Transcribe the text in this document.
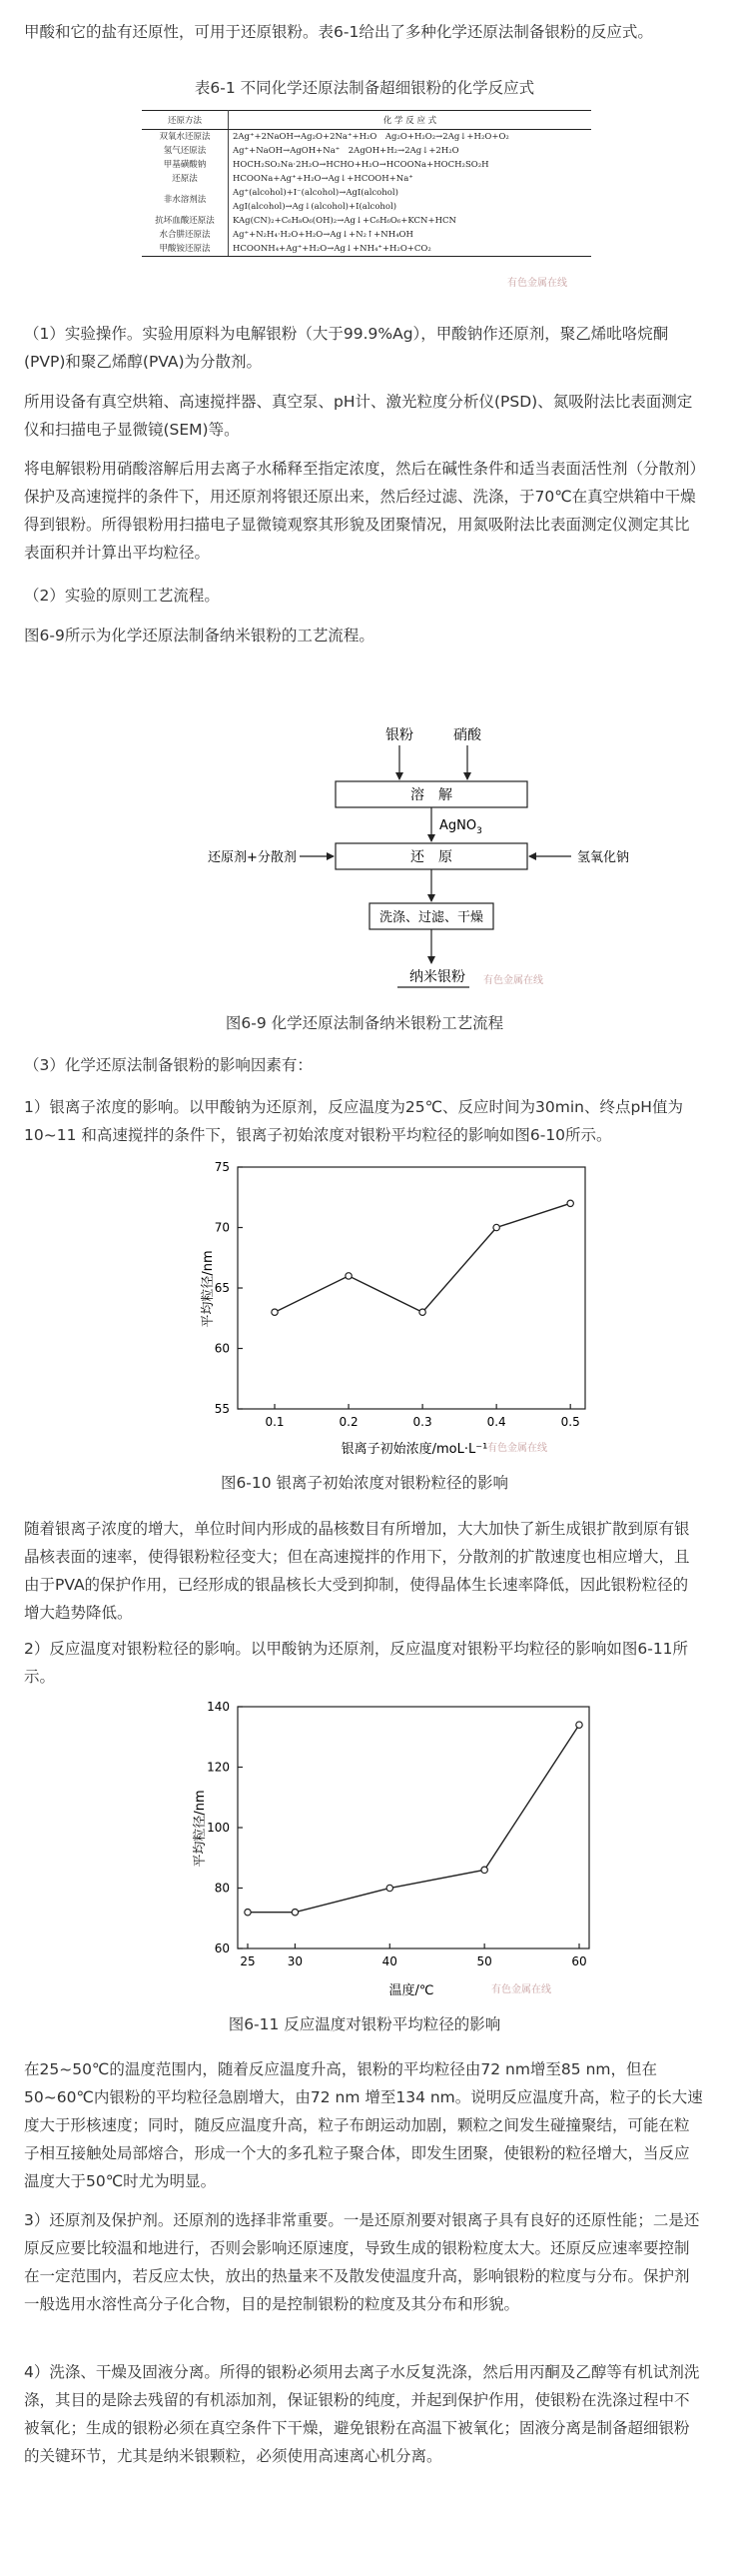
甲酸和它的盐有还原性，可用于还原银粉。表6-1给出了多种化学还原法制备银粉的反应式。

表6-1 不同化学还原法制备超细银粉的化学反应式
还原方法	化 学 反 应 式
双氧水还原法	2Ag⁺+2NaOH→Ag₂O+2Na⁺+H₂O　Ag₂O+H₂O₂→2Ag↓+H₂O+O₂
氢气还原法	Ag⁺+NaOH→AgOH+Na⁺　2AgOH+H₂→2Ag↓+2H₂O
甲基磺酸钠	HOCH₂SO₂Na·2H₂O→HCHO+H₂O→HCOONa+HOCH₂SO₂H
还原法	HCOONa+Ag⁺+H₂O→Ag↓+HCOOH+Na⁺
非水溶剂法	Ag⁺(alcohol)+I⁻(alcohol)→AgI(alcohol)
	AgI(alcohol)→Ag↓(alcohol)+I(alcohol)
抗坏血酸还原法	KAg(CN)₂+C₆H₈O₆(OH)₂→Ag↓+C₆H₆O₆+KCN+HCN
水合肼还原法	Ag⁺+N₂H₄·H₂O+H₂O→Ag↓+N₂↑+NH₄OH
甲酸铵还原法	HCOONH₄+Ag⁺+H₂O→Ag↓+NH₄⁺+H₂O+CO₂
有色金属在线

（1）实验操作。实验用原料为电解银粉（大于99.9%Ag），甲酸钠作还原剂，聚乙烯吡咯烷酮(PVP)和聚乙烯醇(PVA)为分散剂。

所用设备有真空烘箱、高速搅拌器、真空泵、pH计、激光粒度分析仪(PSD)、氮吸附法比表面测定仪和扫描电子显微镜(SEM)等。

将电解银粉用硝酸溶解后用去离子水稀释至指定浓度，然后在碱性条件和适当表面活性剂（分散剂）保护及高速搅拌的条件下，用还原剂将银还原出来，然后经过滤、洗涤，于70℃在真空烘箱中干燥得到银粉。所得银粉用扫描电子显微镜观察其形貌及团聚情况，用氮吸附法比表面测定仪测定其比表面积并计算出平均粒径。

（2）实验的原则工艺流程。

图6-9所示为化学还原法制备纳米银粉的工艺流程。

银粉	硝酸
溶　解
AgNO$_3$
还　原
还原剂+分散剂	氢氧化钠
洗涤、过滤、干燥
纳米银粉 有色金属在线
图6-9 化学还原法制备纳米银粉工艺流程

（3）化学还原法制备银粉的影响因素有：

1）银离子浓度的影响。以甲酸钠为还原剂，反应温度为25℃、反应时间为30min、终点pH值为10~11 和高速搅拌的条件下，银离子初始浓度对银粉平均粒径的影响如图6-10所示。

75
70
65
60
55
0.1	0.2	0.3	0.4	0.5
平均粒径/nm
银离子初始浓度/moL·L⁻¹ 有色金属在线
图6-10 银离子初始浓度对银粉粒径的影响

随着银离子浓度的增大，单位时间内形成的晶核数目有所增加，大大加快了新生成银扩散到原有银晶核表面的速率，使得银粉粒径变大；但在高速搅拌的作用下，分散剂的扩散速度也相应增大，且由于PVA的保护作用，已经形成的银晶核长大受到抑制，使得晶体生长速率降低，因此银粉粒径的增大趋势降低。

2）反应温度对银粉粒径的影响。以甲酸钠为还原剂，反应温度对银粉平均粒径的影响如图6-11所示。

140
120
100
80
60
25	30	40	50	60
平均粒径/nm
温度/℃	有色金属在线
图6-11 反应温度对银粉平均粒径的影响

在25~50℃的温度范围内，随着反应温度升高，银粉的平均粒径由72 nm增至85 nm，但在50~60℃内银粉的平均粒径急剧增大，由72 nm 增至134 nm。说明反应温度升高，粒子的长大速度大于形核速度；同时，随反应温度升高，粒子布朗运动加剧，颗粒之间发生碰撞聚结，可能在粒子相互接触处局部熔合，形成一个大的多孔粒子聚合体，即发生团聚，使银粉的粒径增大，当反应温度大于50℃时尤为明显。

3）还原剂及保护剂。还原剂的选择非常重要。一是还原剂要对银离子具有良好的还原性能；二是还原反应要比较温和地进行，否则会影响还原速度，导致生成的银粉粒度太大。还原反应速率要控制在一定范围内，若反应太快，放出的热量来不及散发使温度升高，影响银粉的粒度与分布。保护剂一般选用水溶性高分子化合物，目的是控制银粉的粒度及其分布和形貌。

4）洗涤、干燥及固液分离。所得的银粉必须用去离子水反复洗涤，然后用丙酮及乙醇等有机试剂洗涤，其目的是除去残留的有机添加剂，保证银粉的纯度，并起到保护作用，使银粉在洗涤过程中不被氧化；生成的银粉必须在真空条件下干燥，避免银粉在高温下被氧化；固液分离是制备超细银粉的关键环节，尤其是纳米银颗粒，必须使用高速离心机分离。
